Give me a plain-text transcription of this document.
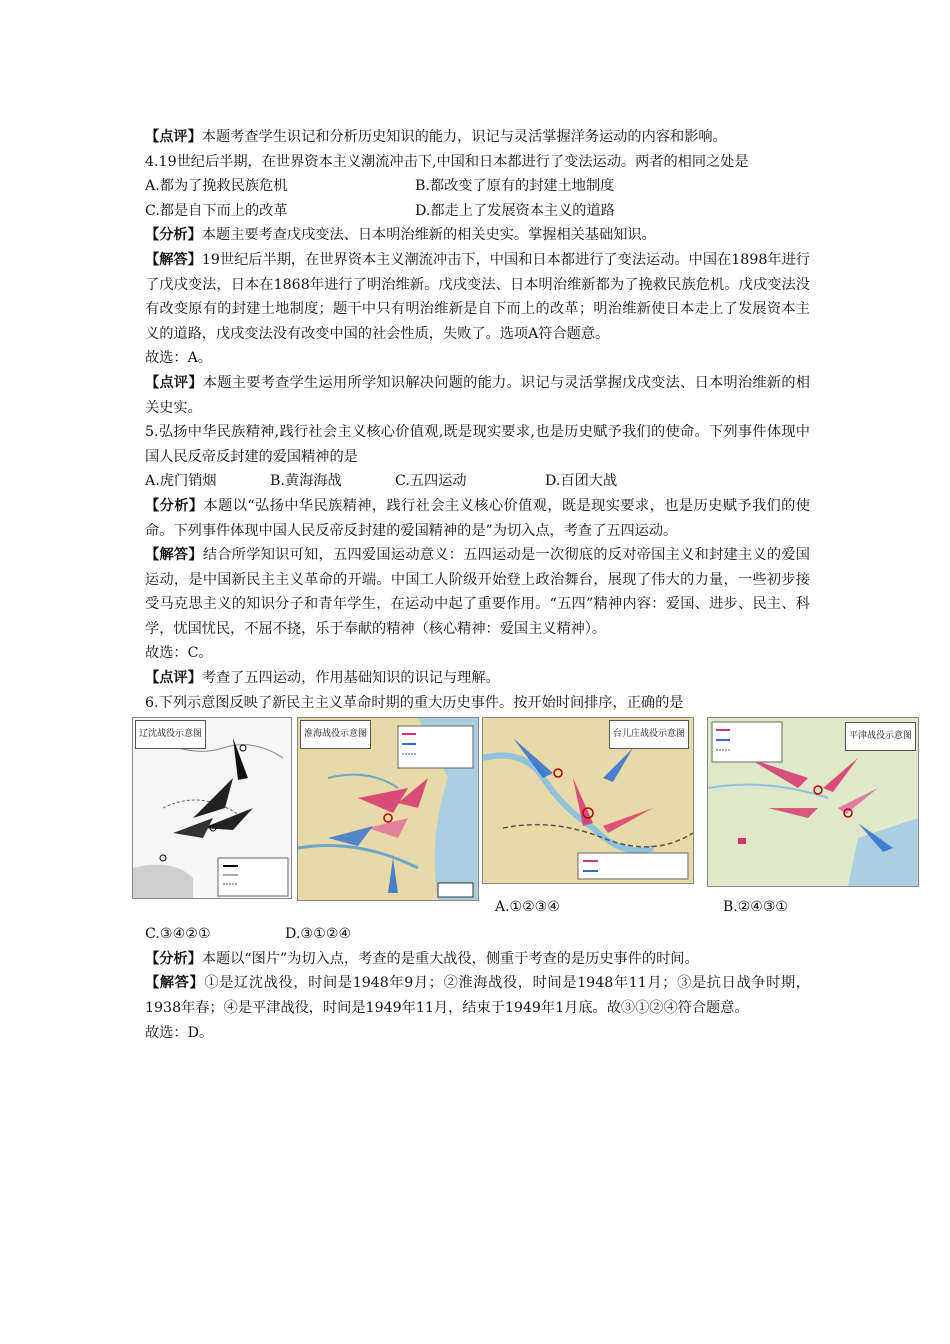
【点评】本题考查学生识记和分析历史知识的能力，识记与灵活掌握洋务运动的内容和影响。

4.19世纪后半期，在世界资本主义潮流冲击下,中国和日本都进行了变法运动。两者的相同之处是

A.都为了挽救民族危机	B.都改变了原有的封建土地制度
C.都是自下而上的改革	D.都走上了发展资本主义的道路

【分析】本题主要考查戊戌变法、日本明治维新的相关史实。掌握相关基础知识。

【解答】19世纪后半期，在世界资本主义潮流冲击下，中国和日本都进行了变法运动。中国在1898年进行了戊戌变法，日本在1868年进行了明治维新。戊戌变法、日本明治维新都为了挽救民族危机。戊戌变法没有改变原有的封建土地制度；题干中只有明治维新是自下而上的改革；明治维新使日本走上了发展资本主义的道路，戊戌变法没有改变中国的社会性质，失败了。选项A符合题意。

故选：A。

【点评】本题主要考查学生运用所学知识解决问题的能力。识记与灵活掌握戊戌变法、日本明治维新的相关史实。

5.弘扬中华民族精神,践行社会主义核心价值观,既是现实要求,也是历史赋予我们的使命。下列事件体现中国人民反帝反封建的爱国精神的是

A.虎门销烟	B.黄海海战	C.五四运动	D.百团大战

【分析】本题以“弘扬中华民族精神，践行社会主义核心价值观，既是现实要求，也是历史赋予我们的使命。下列事件体现中国人民反帝反封建的爱国精神的是”为切入点，考查了五四运动。

【解答】结合所学知识可知，五四爱国运动意义：五四运动是一次彻底的反对帝国主义和封建主义的爱国运动，是中国新民主主义革命的开端。中国工人阶级开始登上政治舞台，展现了伟大的力量，一些初步接受马克思主义的知识分子和青年学生，在运动中起了重要作用。“五四”精神内容：爱国、进步、民主、科学，忧国忧民，不屈不挠，乐于奉献的精神（核心精神：爱国主义精神）。

故选：C。

【点评】考查了五四运动，作用基础知识的识记与理解。

6.下列示意图反映了新民主主义革命时期的重大历史事件。按开始时间排序，正确的是

辽沈战役示意图	淮海战役示意图	台儿庄战役示意图	平津战役示意图
A.①②③④	B.②④③①
C.③④②①	D.③①②④

【分析】本题以“图片”为切入点，考查的是重大战役，侧重于考查的是历史事件的时间。

【解答】①是辽沈战役，时间是1948年9月；②淮海战役，时间是1948年11月；③是抗日战争时期，1938年春；④是平津战役，时间是1949年11月，结束于1949年1月底。故③①②④符合题意。

故选：D。
